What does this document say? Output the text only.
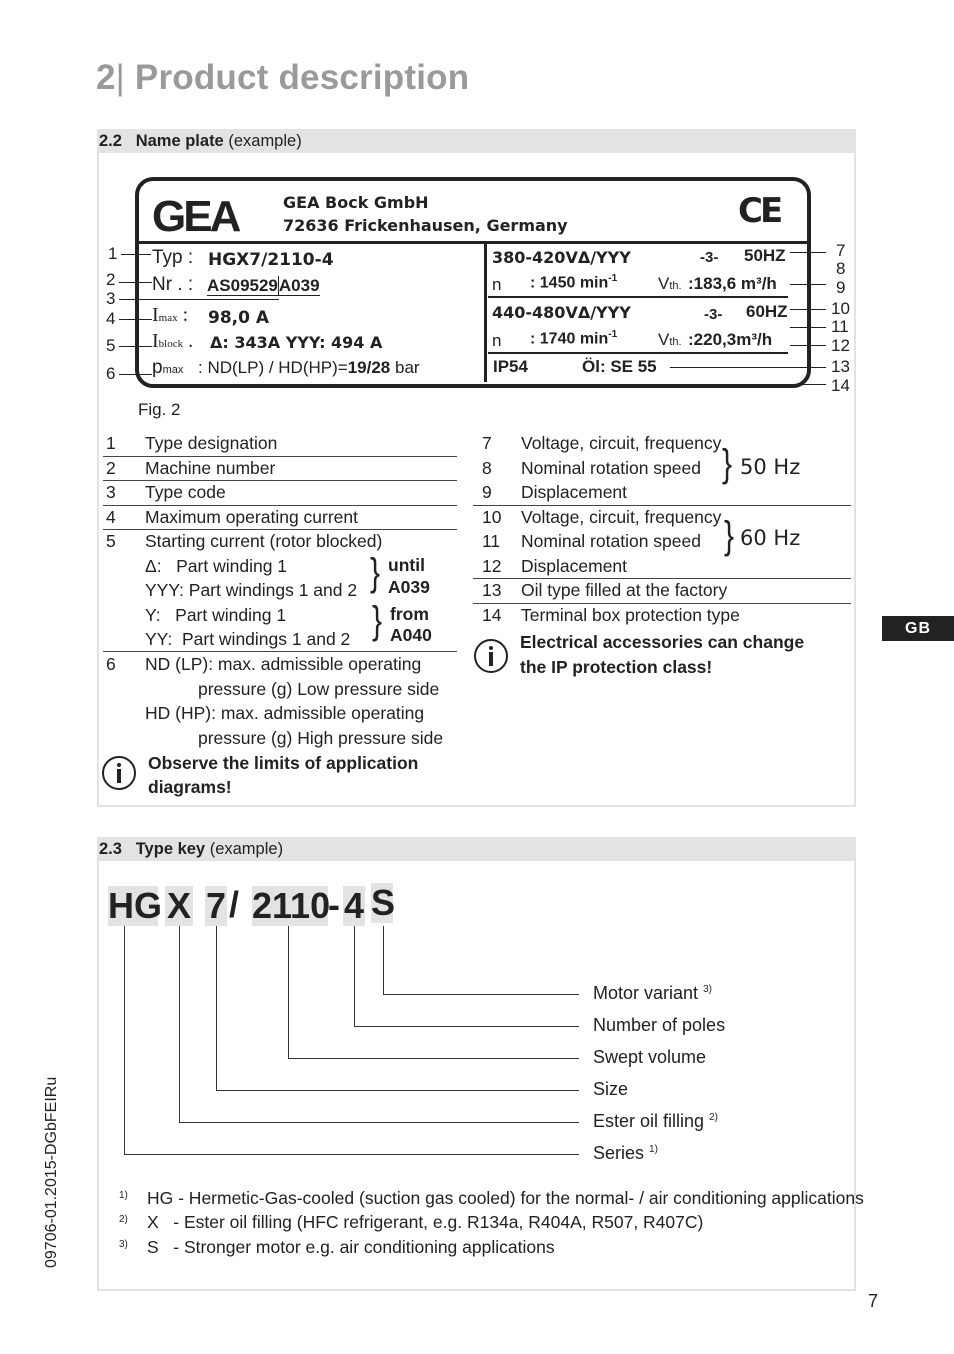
2| Product description
2.2 Name plate (example)
GEA	GEA Bock GmbH
72636 Frickenhausen, Germany	CE
Typ : HGX7/2110-4
Nr . : AS09529A039
Imax : 98,0 A
Iblock . Δ: 343A YYY: 494 A
pmax : ND(LP) / HD(HP)=19/28 bar
380-420VΔ/YYY	-3- 50HZ
n : 1450 $\min^{-1}$ Vth. :183,6 m³/h
440-480VΔ/YYY	-3- 60HZ
n : 1740 $\min^{-1}$ Vth. :220,3m³/h
IP54	Öl: SE 55
1
2
3
4
5
6
7
8
9
10
11
12
13
14
Fig. 2
1 Type designation
2 Machine number
3 Type code
4 Maximum operating current
5 Starting current (rotor blocked)
Δ:   Part winding 1
YYY: Part windings 1 and 2 } until
A039
Y:   Part winding 1
YY:  Part windings 1 and 2 } from
A040
6 ND (LP): max. admissible operating
pressure (g) Low pressure side
HD (HP): max. admissible operating
pressure (g) High pressure side
Observe the limits of application
diagrams!
7 Voltage, circuit, frequency
8 Nominal rotation speed
9 Displacement
} 50 Hz
10 Voltage, circuit, frequency
11 Nominal rotation speed
12 Displacement
} 60 Hz
13 Oil type filled at the factory
14 Terminal box protection type
Electrical accessories can change
the IP protection class!
GB
2.3 Type key (example)
HG X 7 / 2110
- 4 S
Motor variant $^{3)}$
Number of poles
Swept volume
Size
Ester oil filling $^{2)}$
Series $^{1)}$
1) HG - Hermetic-Gas-cooled (suction gas cooled) for the normal- / air conditioning applications
2) X   - Ester oil filling (HFC refrigerant, e.g. R134a, R404A, R507, R407C)
3) S   - Stronger motor e.g. air conditioning applications
09706-01.2015-DGbFEIRu
7
